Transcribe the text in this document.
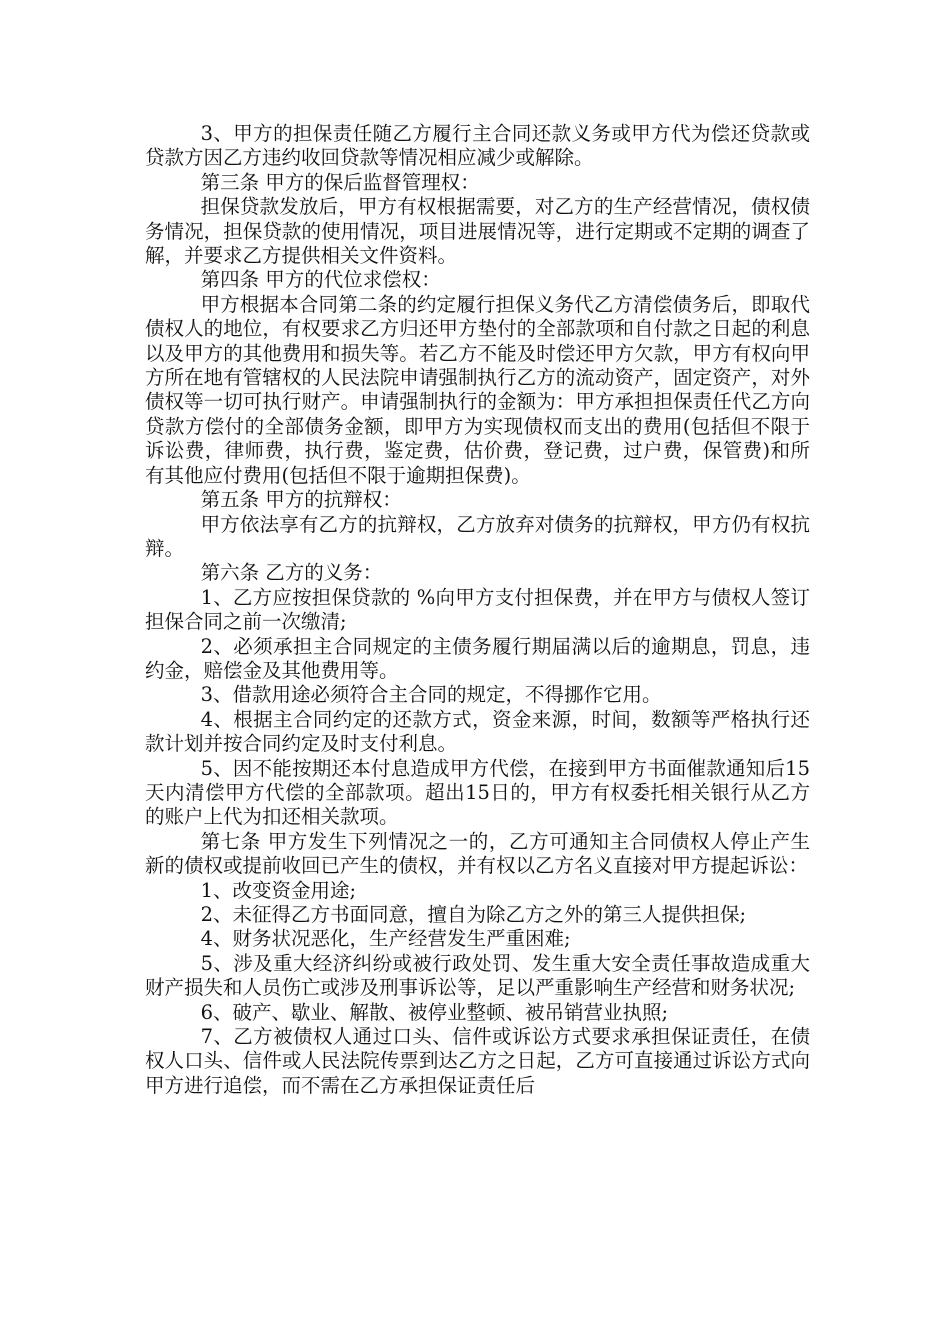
3、甲方的担保责任随乙方履行主合同还款义务或甲方代为偿还贷款或贷款方因乙方违约收回贷款等情况相应减少或解除。

第三条 甲方的保后监督管理权：

担保贷款发放后，甲方有权根据需要，对乙方的生产经营情况，债权债务情况，担保贷款的使用情况，项目进展情况等，进行定期或不定期的调查了解，并要求乙方提供相关文件资料。

第四条 甲方的代位求偿权：

甲方根据本合同第二条的约定履行担保义务代乙方清偿债务后，即取代债权人的地位，有权要求乙方归还甲方垫付的全部款项和自付款之日起的利息以及甲方的其他费用和损失等。若乙方不能及时偿还甲方欠款，甲方有权向甲方所在地有管辖权的人民法院申请强制执行乙方的流动资产，固定资产，对外债权等一切可执行财产。申请强制执行的金额为：甲方承担担保责任代乙方向贷款方偿付的全部债务金额，即甲方为实现债权而支出的费用(包括但不限于诉讼费，律师费，执行费，鉴定费，估价费，登记费，过户费，保管费)和所有其他应付费用(包括但不限于逾期担保费)。

第五条 甲方的抗辩权：

甲方依法享有乙方的抗辩权，乙方放弃对债务的抗辩权，甲方仍有权抗辩。

第六条 乙方的义务：

1、乙方应按担保贷款的 %向甲方支付担保费，并在甲方与债权人签订担保合同之前一次缴清;

2、必须承担主合同规定的主债务履行期届满以后的逾期息，罚息，违约金，赔偿金及其他费用等。

3、借款用途必须符合主合同的规定，不得挪作它用。

4、根据主合同约定的还款方式，资金来源，时间，数额等严格执行还款计划并按合同约定及时支付利息。

5、因不能按期还本付息造成甲方代偿，在接到甲方书面催款通知后15天内清偿甲方代偿的全部款项。超出15日的，甲方有权委托相关银行从乙方的账户上代为扣还相关款项。

第七条 甲方发生下列情况之一的，乙方可通知主合同债权人停止产生新的债权或提前收回已产生的债权，并有权以乙方名义直接对甲方提起诉讼：

1、改变资金用途;

2、未征得乙方书面同意，擅自为除乙方之外的第三人提供担保;

4、财务状况恶化，生产经营发生严重困难;

5、涉及重大经济纠纷或被行政处罚、发生重大安全责任事故造成重大财产损失和人员伤亡或涉及刑事诉讼等，足以严重影响生产经营和财务状况;

6、破产、歇业、解散、被停业整顿、被吊销营业执照;

7、乙方被债权人通过口头、信件或诉讼方式要求承担保证责任，在债权人口头、信件或人民法院传票到达乙方之日起，乙方可直接通过诉讼方式向甲方进行追偿，而不需在乙方承担保证责任后
